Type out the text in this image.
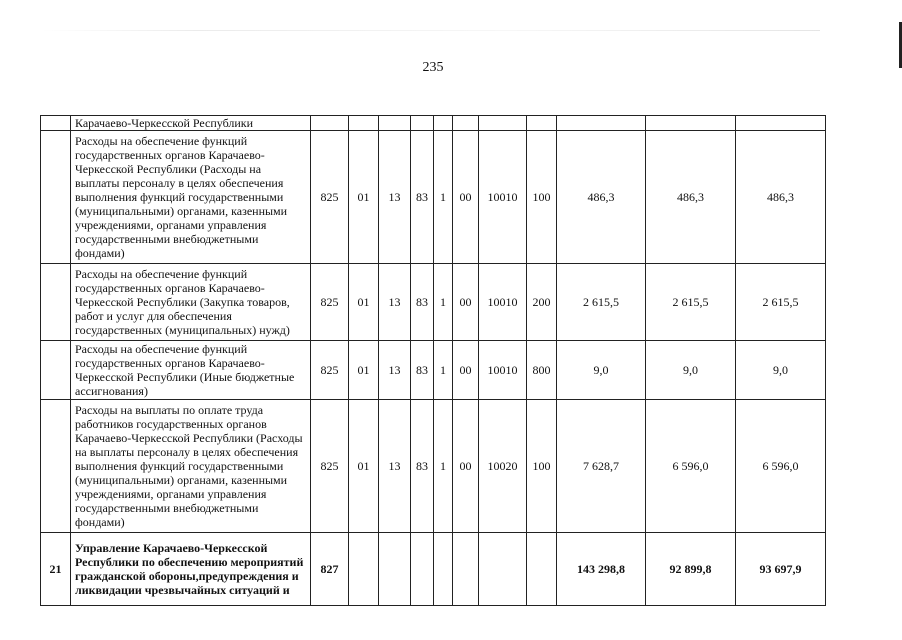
235
	Карачаево-Черкесской Республики											
	Расходы на обеспечение функций государственных органов Карачаево-Черкесской Республики (Расходы на выплаты персоналу в целях обеспечения выполнения функций государственными (муниципальными) органами, казенными учреждениями, органами управления государственными внебюджетными фондами)	825	01	13	83	1	00	10010	100	486,3	486,3	486,3
	Расходы на обеспечение функций государственных органов Карачаево-Черкесской Республики (Закупка товаров, работ и услуг для обеспечения государственных (муниципальных) нужд)	825	01	13	83	1	00	10010	200	2 615,5	2 615,5	2 615,5
	Расходы на обеспечение функций государственных органов Карачаево-Черкесской Республики (Иные бюджетные ассигнования)	825	01	13	83	1	00	10010	800	9,0	9,0	9,0
	Расходы на выплаты по оплате труда работников государственных органов Карачаево-Черкесской Республики (Расходы на выплаты персоналу в целях обеспечения выполнения функций государственными (муниципальными) органами, казенными учреждениями, органами управления государственными внебюджетными фондами)	825	01	13	83	1	00	10020	100	7 628,7	6 596,0	6 596,0
21	Управление Карачаево-Черкесской Республики по обеспечению мероприятий гражданской обороны,предупреждения и ликвидации чрезвычайных ситуаций и	827								143 298,8	92 899,8	93 697,9
